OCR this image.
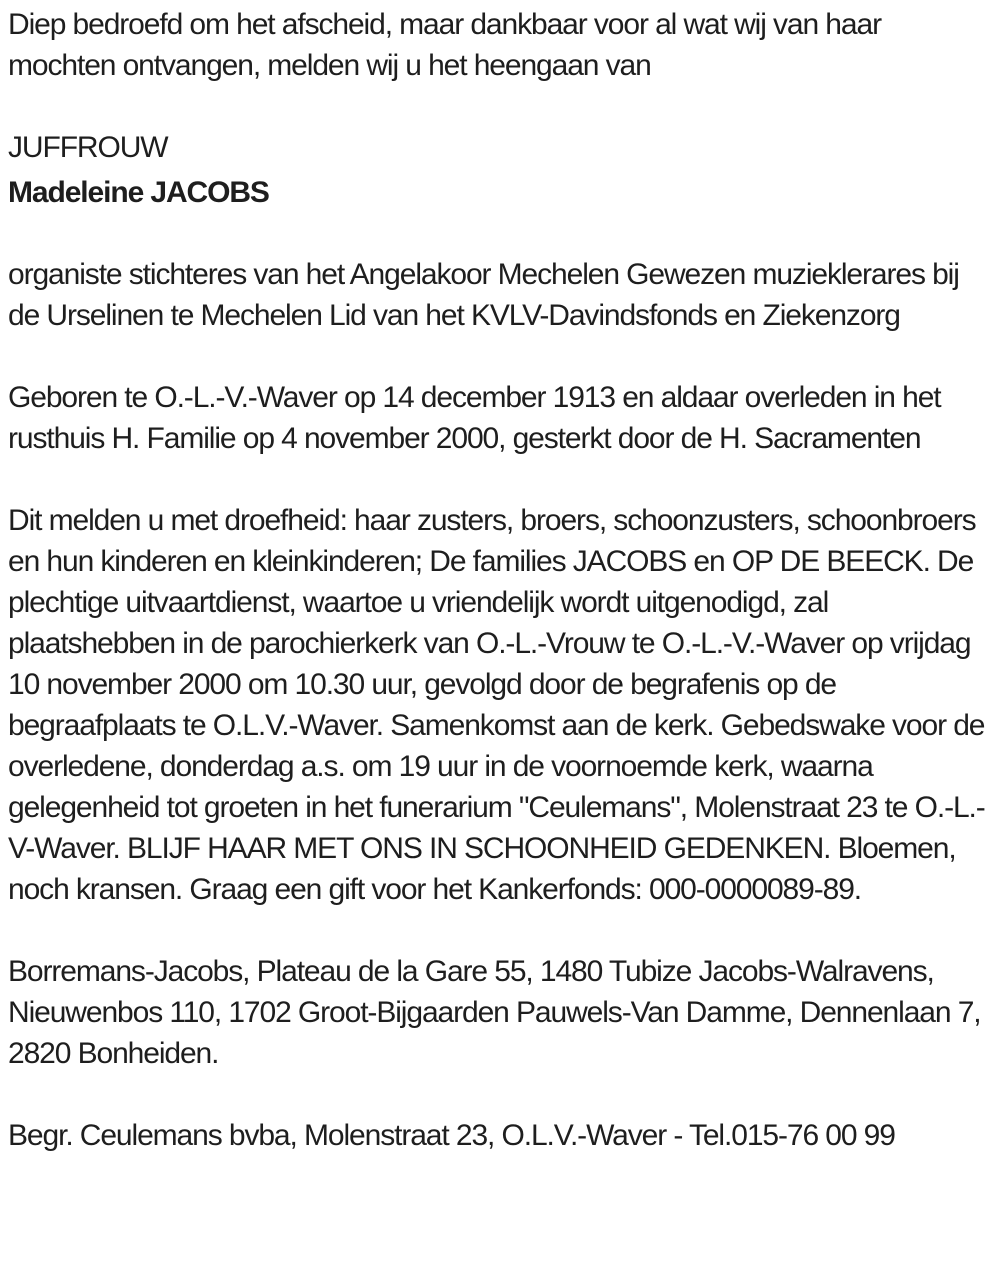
Diep bedroefd om het afscheid, maar dankbaar voor al wat wij van haar mochten ontvangen, melden wij u het heengaan van

JUFFROUW

Madeleine JACOBS

organiste stichteres van het Angelakoor Mechelen Gewezen muzieklerares bij de Urselinen te Mechelen Lid van het KVLV-Davindsfonds en Ziekenzorg

Geboren te O.-L.-V.-Waver op 14 december 1913 en aldaar overleden in het rusthuis H. Familie op 4 november 2000, gesterkt door de H. Sacramenten

Dit melden u met droefheid: haar zusters, broers, schoonzusters, schoonbroers en hun kinderen en kleinkinderen; De families JACOBS en OP DE BEECK. De plechtige uitvaartdienst, waartoe u vriendelijk wordt uitgenodigd, zal plaatshebben in de parochierkerk van O.-L.-Vrouw te O.-L.-V.-Waver op vrijdag 10 november 2000 om 10.30 uur, gevolgd door de begrafenis op de begraafplaats te O.L.V.-Waver. Samenkomst aan de kerk. Gebedswake voor de overledene, donderdag a.s. om 19 uur in de voornoemde kerk, waarna gelegenheid tot groeten in het funerarium "Ceulemans", Molenstraat 23 te O.-L.-V-Waver. BLIJF HAAR MET ONS IN SCHOONHEID GEDENKEN. Bloemen, noch kransen. Graag een gift voor het Kankerfonds: 000-0000089-89.

Borremans-Jacobs, Plateau de la Gare 55, 1480 Tubize Jacobs-Walravens, Nieuwenbos 110, 1702 Groot-Bijgaarden Pauwels-Van Damme, Dennenlaan 7, 2820 Bonheiden.

Begr. Ceulemans bvba, Molenstraat 23, O.L.V.-Waver - Tel.015-76 00 99
